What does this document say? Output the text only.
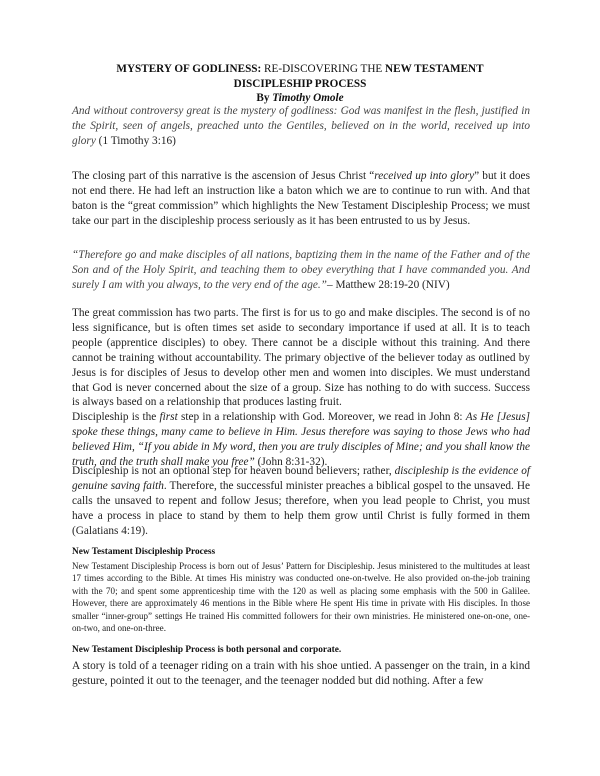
MYSTERY OF GODLINESS: RE-DISCOVERING THE NEW TESTAMENT
DISCIPLESHIP PROCESS
By Timothy Omole

And without controversy great is the mystery of godliness: God was manifest in the flesh, justified in the Spirit, seen of angels, preached unto the Gentiles, believed on in the world, received up into glory (1 Timothy 3:16)

The closing part of this narrative is the ascension of Jesus Christ “received up into glory” but it does not end there. He had left an instruction like a baton which we are to continue to run with. And that baton is the “great commission” which highlights the New Testament Discipleship Process; we must take our part in the discipleship process seriously as it has been entrusted to us by Jesus.

“Therefore go and make disciples of all nations, baptizing them in the name of the Father and of the Son and of the Holy Spirit, and teaching them to obey everything that I have commanded you. And surely I am with you always, to the very end of the age.”– Matthew 28:19-20 (NIV)

The great commission has two parts. The first is for us to go and make disciples. The second is of no less significance, but is often times set aside to secondary importance if used at all. It is to teach people (apprentice disciples) to obey. There cannot be a disciple without this training. And there cannot be training without accountability. The primary objective of the believer today as outlined by Jesus is for disciples of Jesus to develop other men and women into disciples. We must understand that God is never concerned about the size of a group. Size has nothing to do with success. Success is always based on a relationship that produces lasting fruit.
Discipleship is the first step in a relationship with God. Moreover, we read in John 8: As He [Jesus] spoke these things, many came to believe in Him. Jesus therefore was saying to those Jews who had believed Him, “If you abide in My word, then you are truly disciples of Mine; and you shall know the truth, and the truth shall make you free” (John 8:31-32).

Discipleship is not an optional step for heaven bound believers; rather, discipleship is the evidence of genuine saving faith. Therefore, the successful minister preaches a biblical gospel to the unsaved. He calls the unsaved to repent and follow Jesus; therefore, when you lead people to Christ, you must have a process in place to stand by them to help them grow until Christ is fully formed in them (Galatians 4:19).

New Testament Discipleship Process

New Testament Discipleship Process is born out of Jesus’ Pattern for Discipleship. Jesus ministered to the multitudes at least 17 times according to the Bible. At times His ministry was conducted one-on-twelve. He also provided on-the-job training with the 70; and spent some apprenticeship time with the 120 as well as placing some emphasis with the 500 in Galilee. However, there are approximately 46 mentions in the Bible where He spent His time in private with His disciples. In those smaller “inner-group” settings He trained His committed followers for their own ministries. He ministered one-on-one, one-on-two, and one-on-three.

New Testament Discipleship Process is both personal and corporate.

A story is told of a teenager riding on a train with his shoe untied. A passenger on the train, in a kind gesture, pointed it out to the teenager, and the teenager nodded but did nothing. After a few
